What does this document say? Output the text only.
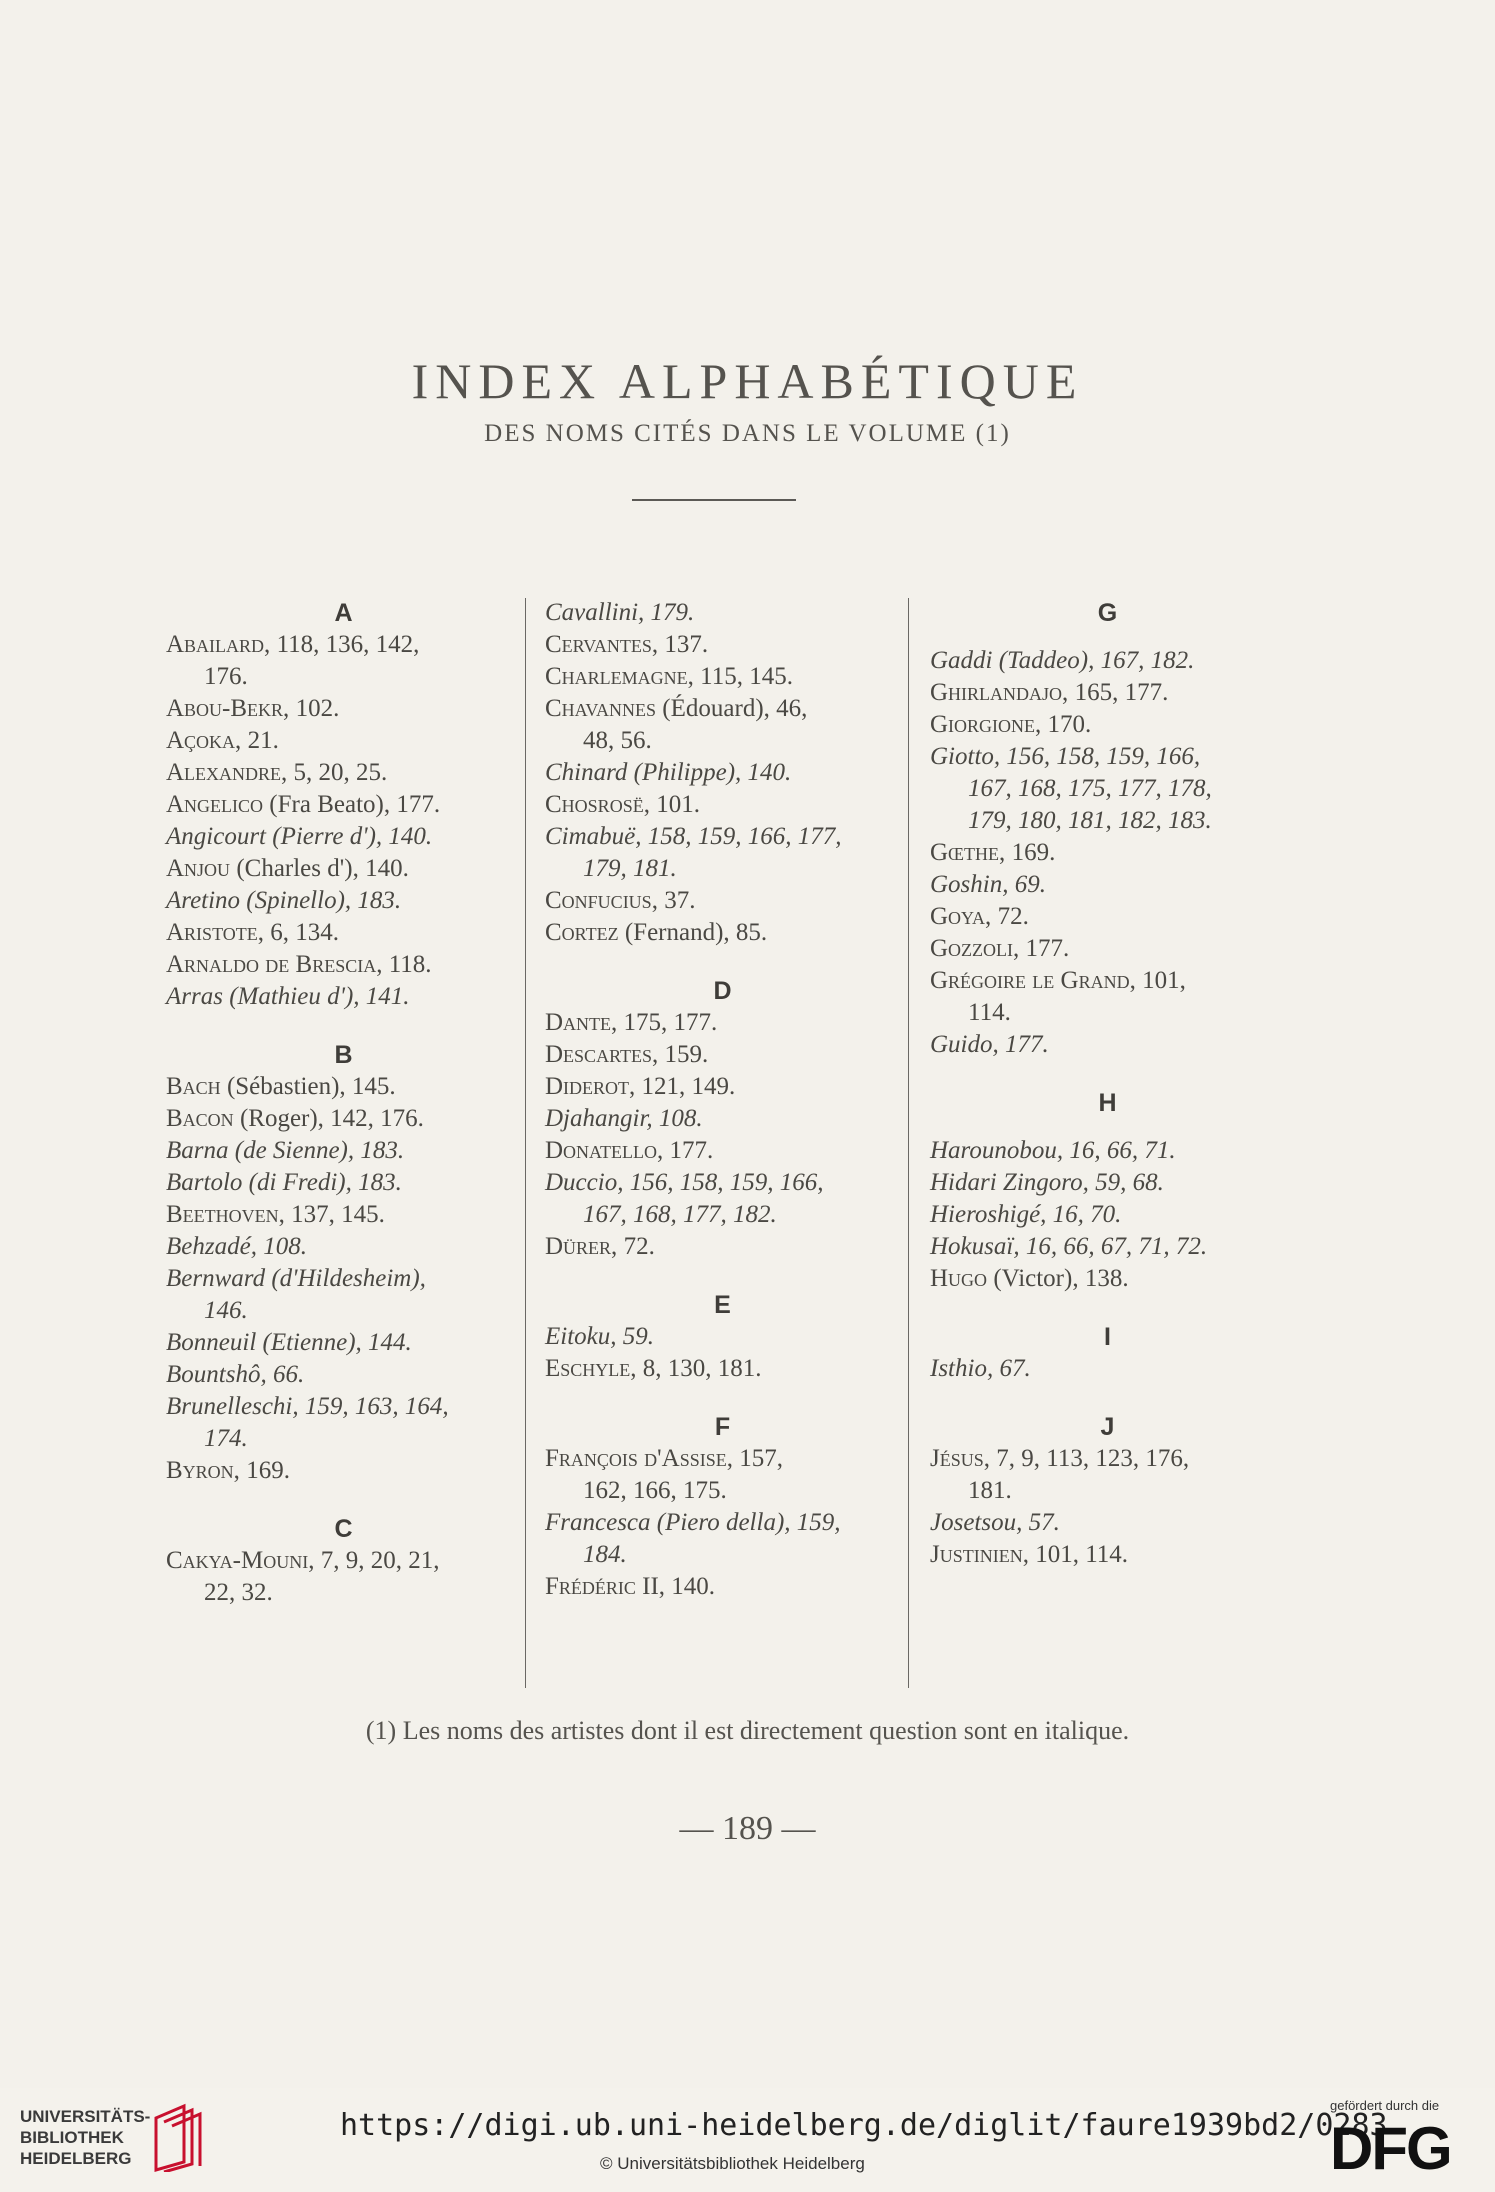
INDEX ALPHABÉTIQUE
DES NOMS CITÉS DANS LE VOLUME (1)
A
Abailard, 118, 136, 142,
176.
Abou-Bekr, 102.
Açoka, 21.
Alexandre, 5, 20, 25.
Angelico (Fra Beato), 177.
Angicourt (Pierre d'), 140.
Anjou (Charles d'), 140.
Aretino (Spinello), 183.
Aristote, 6, 134.
Arnaldo de Brescia, 118.
Arras (Mathieu d'), 141.
B
Bach (Sébastien), 145.
Bacon (Roger), 142, 176.
Barna (de Sienne), 183.
Bartolo (di Fredi), 183.
Beethoven, 137, 145.
Behzadé, 108.
Bernward (d'Hildesheim),
146.
Bonneuil (Etienne), 144.
Bountshô, 66.
Brunelleschi, 159, 163, 164,
174.
Byron, 169.
C
Cakya-Mouni, 7, 9, 20, 21,
22, 32.
Cavallini, 179.
Cervantes, 137.
Charlemagne, 115, 145.
Chavannes (Édouard), 46,
48, 56.
Chinard (Philippe), 140.
Chosrosë, 101.
Cimabuë, 158, 159, 166, 177,
179, 181.
Confucius, 37.
Cortez (Fernand), 85.
D
Dante, 175, 177.
Descartes, 159.
Diderot, 121, 149.
Djahangir, 108.
Donatello, 177.
Duccio, 156, 158, 159, 166,
167, 168, 177, 182.
Dürer, 72.
E
Eitoku, 59.
Eschyle, 8, 130, 181.
F
François d'Assise, 157,
162, 166, 175.
Francesca (Piero della), 159,
184.
Frédéric II, 140.
G
Gaddi (Taddeo), 167, 182.
Ghirlandajo, 165, 177.
Giorgione, 170.
Giotto, 156, 158, 159, 166,
167, 168, 175, 177, 178,
179, 180, 181, 182, 183.
Gœthe, 169.
Goshin, 69.
Goya, 72.
Gozzoli, 177.
Grégoire le Grand, 101,
114.
Guido, 177.
H
Harounobou, 16, 66, 71.
Hidari Zingoro, 59, 68.
Hieroshigé, 16, 70.
Hokusaï, 16, 66, 67, 71, 72.
Hugo (Victor), 138.
I
Isthio, 67.
J
Jésus, 7, 9, 113, 123, 176,
181.
Josetsou, 57.
Justinien, 101, 114.
(1) Les noms des artistes dont il est directement question sont en italique.
— 189 —
UNIVERSITÄTS-
BIBLIOTHEK
HEIDELBERG
https://digi.ub.uni-heidelberg.de/diglit/faure1939bd2/0283
© Universitätsbibliothek Heidelberg
gefördert durch die
DFG
